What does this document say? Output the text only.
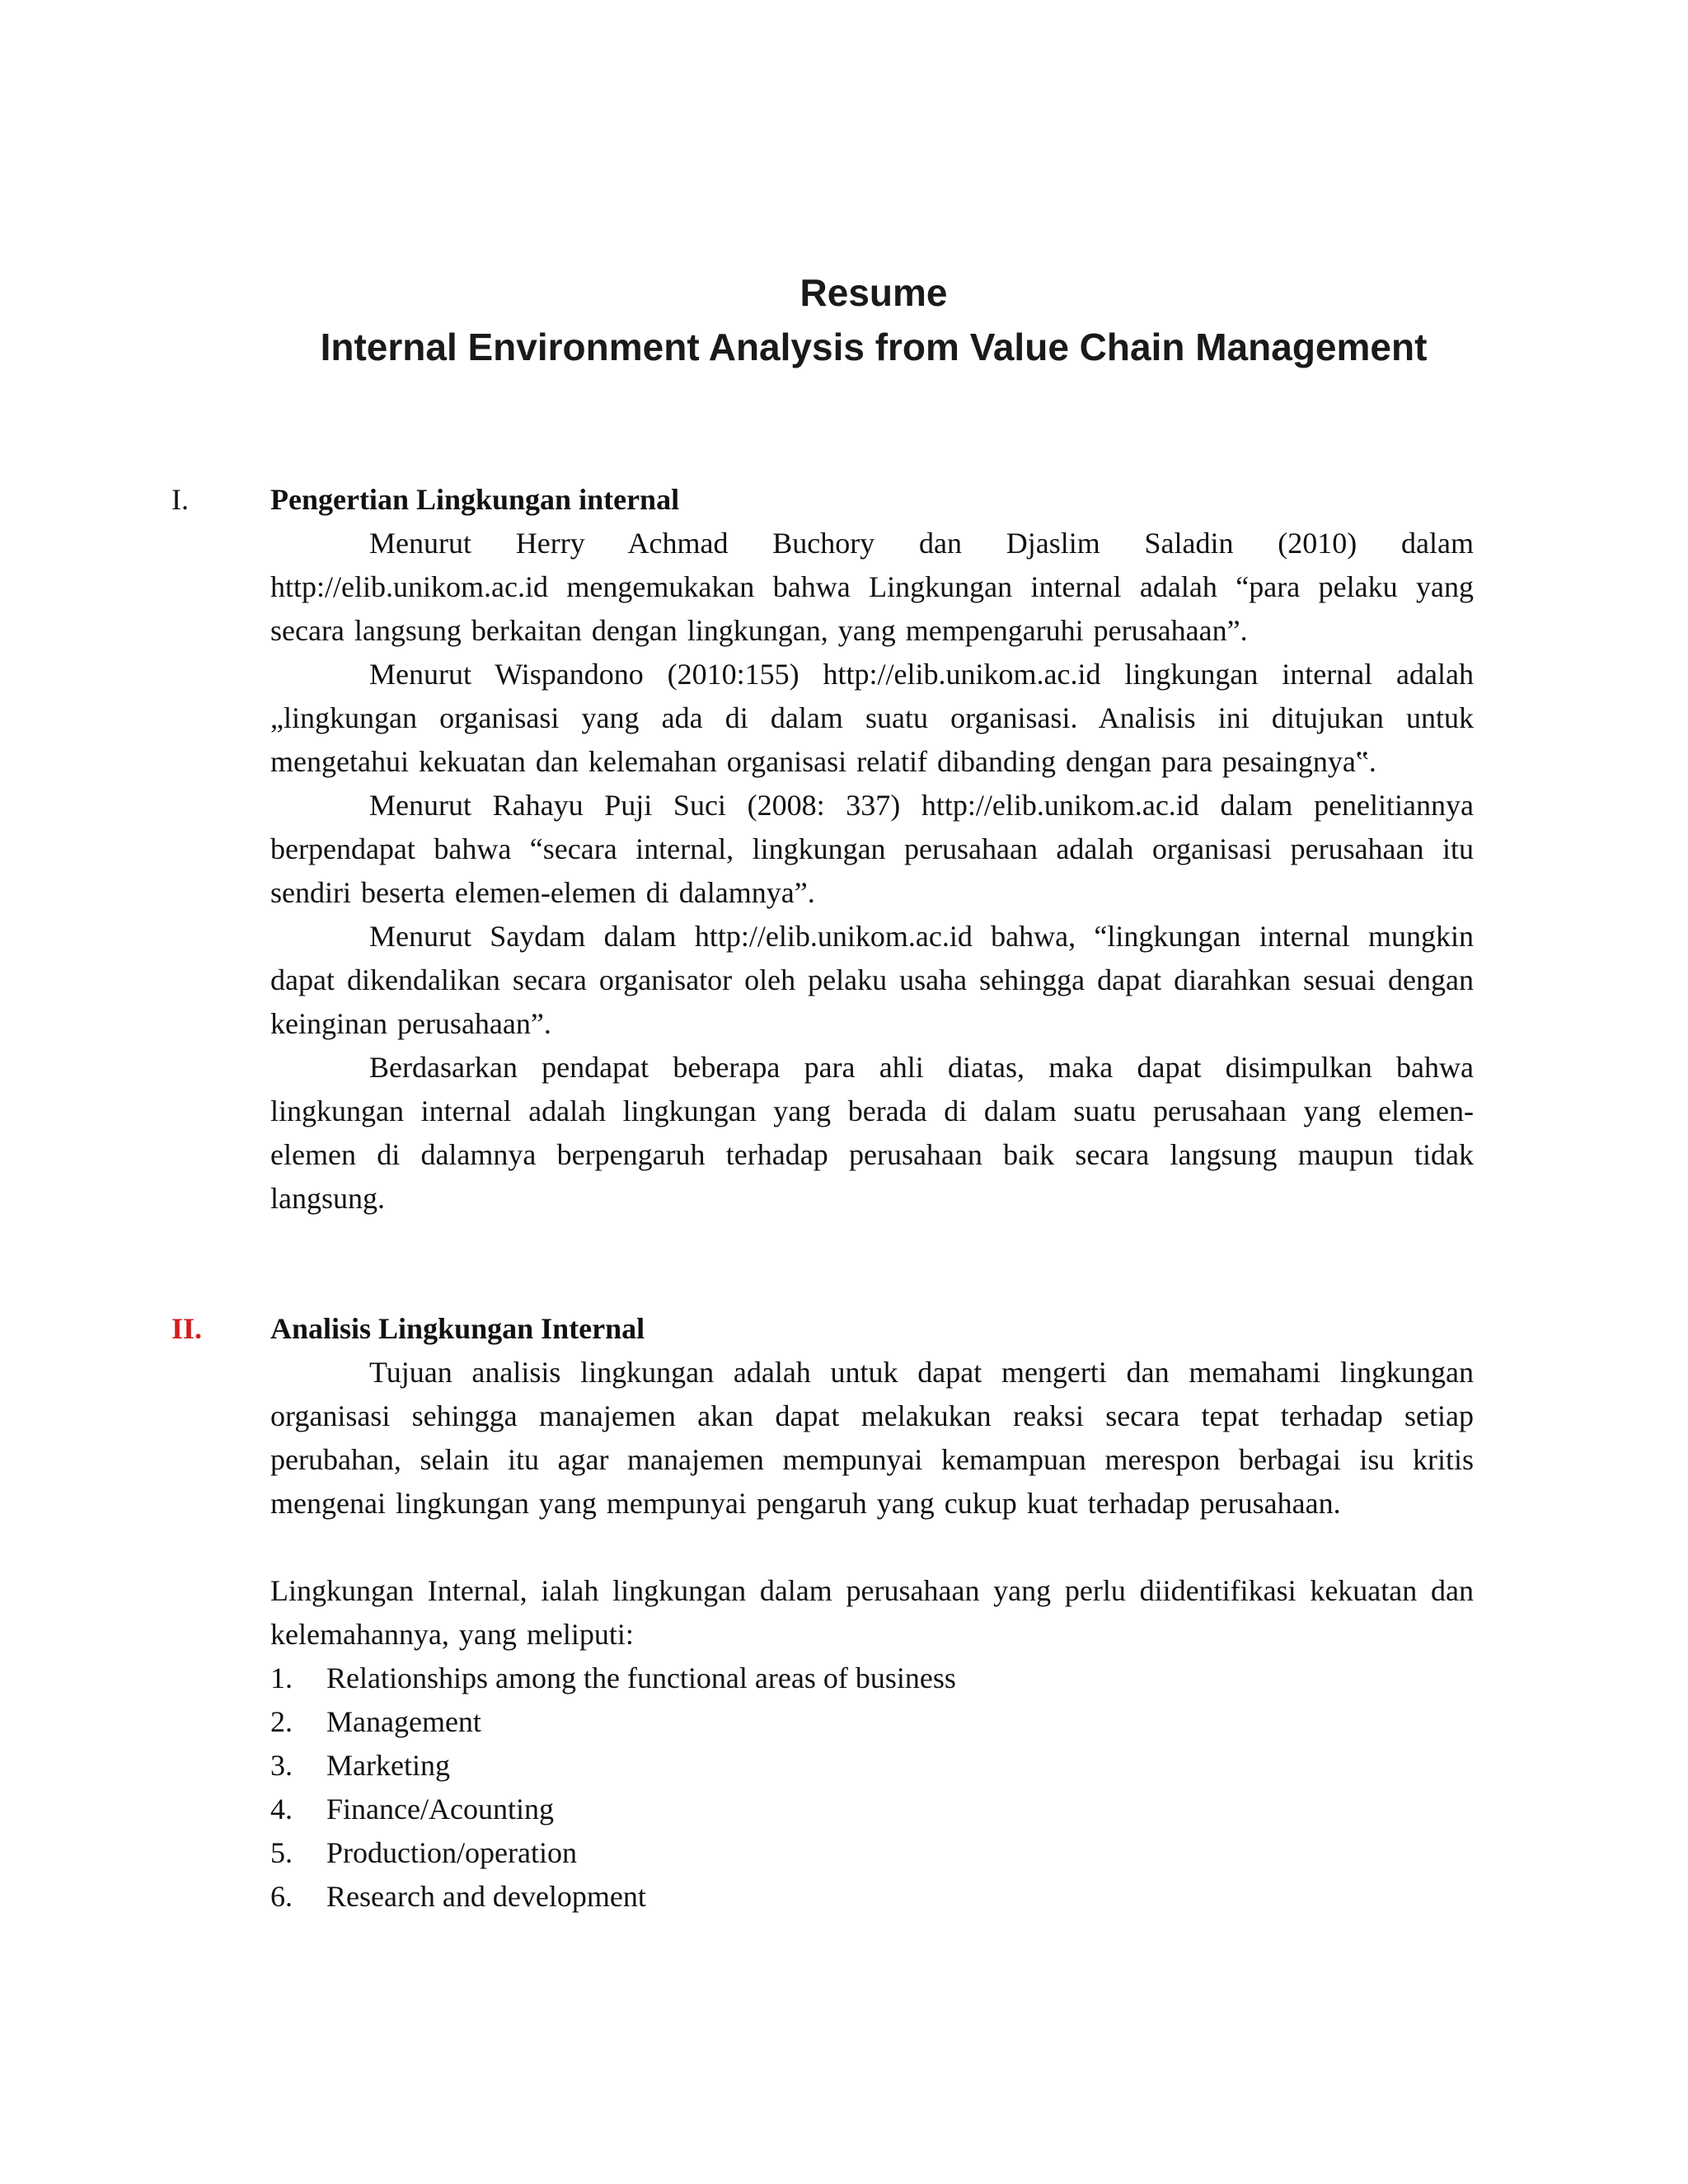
Resume
Internal Environment Analysis from Value Chain Management
I.	Pengertian Lingkungan internal

Menurut Herry Achmad Buchory dan Djaslim Saladin (2010) dalam http://elib.unikom.ac.id mengemukakan bahwa Lingkungan internal adalah “para pelaku yang secara langsung berkaitan dengan lingkungan, yang mempengaruhi perusahaan”.

Menurut Wispandono (2010:155) http://elib.unikom.ac.id lingkungan internal adalah „lingkungan organisasi yang ada di dalam suatu organisasi. Analisis ini ditujukan untuk mengetahui kekuatan dan kelemahan organisasi relatif dibanding dengan para pesaingnya‟.

Menurut Rahayu Puji Suci (2008: 337) http://elib.unikom.ac.id dalam penelitiannya berpendapat bahwa “secara internal, lingkungan perusahaan adalah organisasi perusahaan itu sendiri beserta elemen-elemen di dalamnya”.

Menurut Saydam dalam http://elib.unikom.ac.id bahwa, “lingkungan internal mungkin dapat dikendalikan secara organisator oleh pelaku usaha sehingga dapat diarahkan sesuai dengan keinginan perusahaan”.

Berdasarkan pendapat beberapa para ahli diatas, maka dapat disimpulkan bahwa lingkungan internal adalah lingkungan yang berada di dalam suatu perusahaan yang elemen-elemen di dalamnya berpengaruh terhadap perusahaan baik secara langsung maupun tidak langsung.

II. Analisis Lingkungan Internal

Tujuan analisis lingkungan adalah untuk dapat mengerti dan memahami lingkungan organisasi sehingga manajemen akan dapat melakukan reaksi secara tepat terhadap setiap perubahan, selain itu agar manajemen mempunyai kemampuan merespon berbagai isu kritis mengenai lingkungan yang mempunyai pengaruh yang cukup kuat terhadap perusahaan.

Lingkungan Internal, ialah lingkungan dalam perusahaan yang perlu diidentifikasi kekuatan dan kelemahannya, yang meliputi:

1.	Relationships among the functional areas of business
2.	Management
3.	Marketing
4.	Finance/Acounting
5.	Production/operation
6.	Research and development
